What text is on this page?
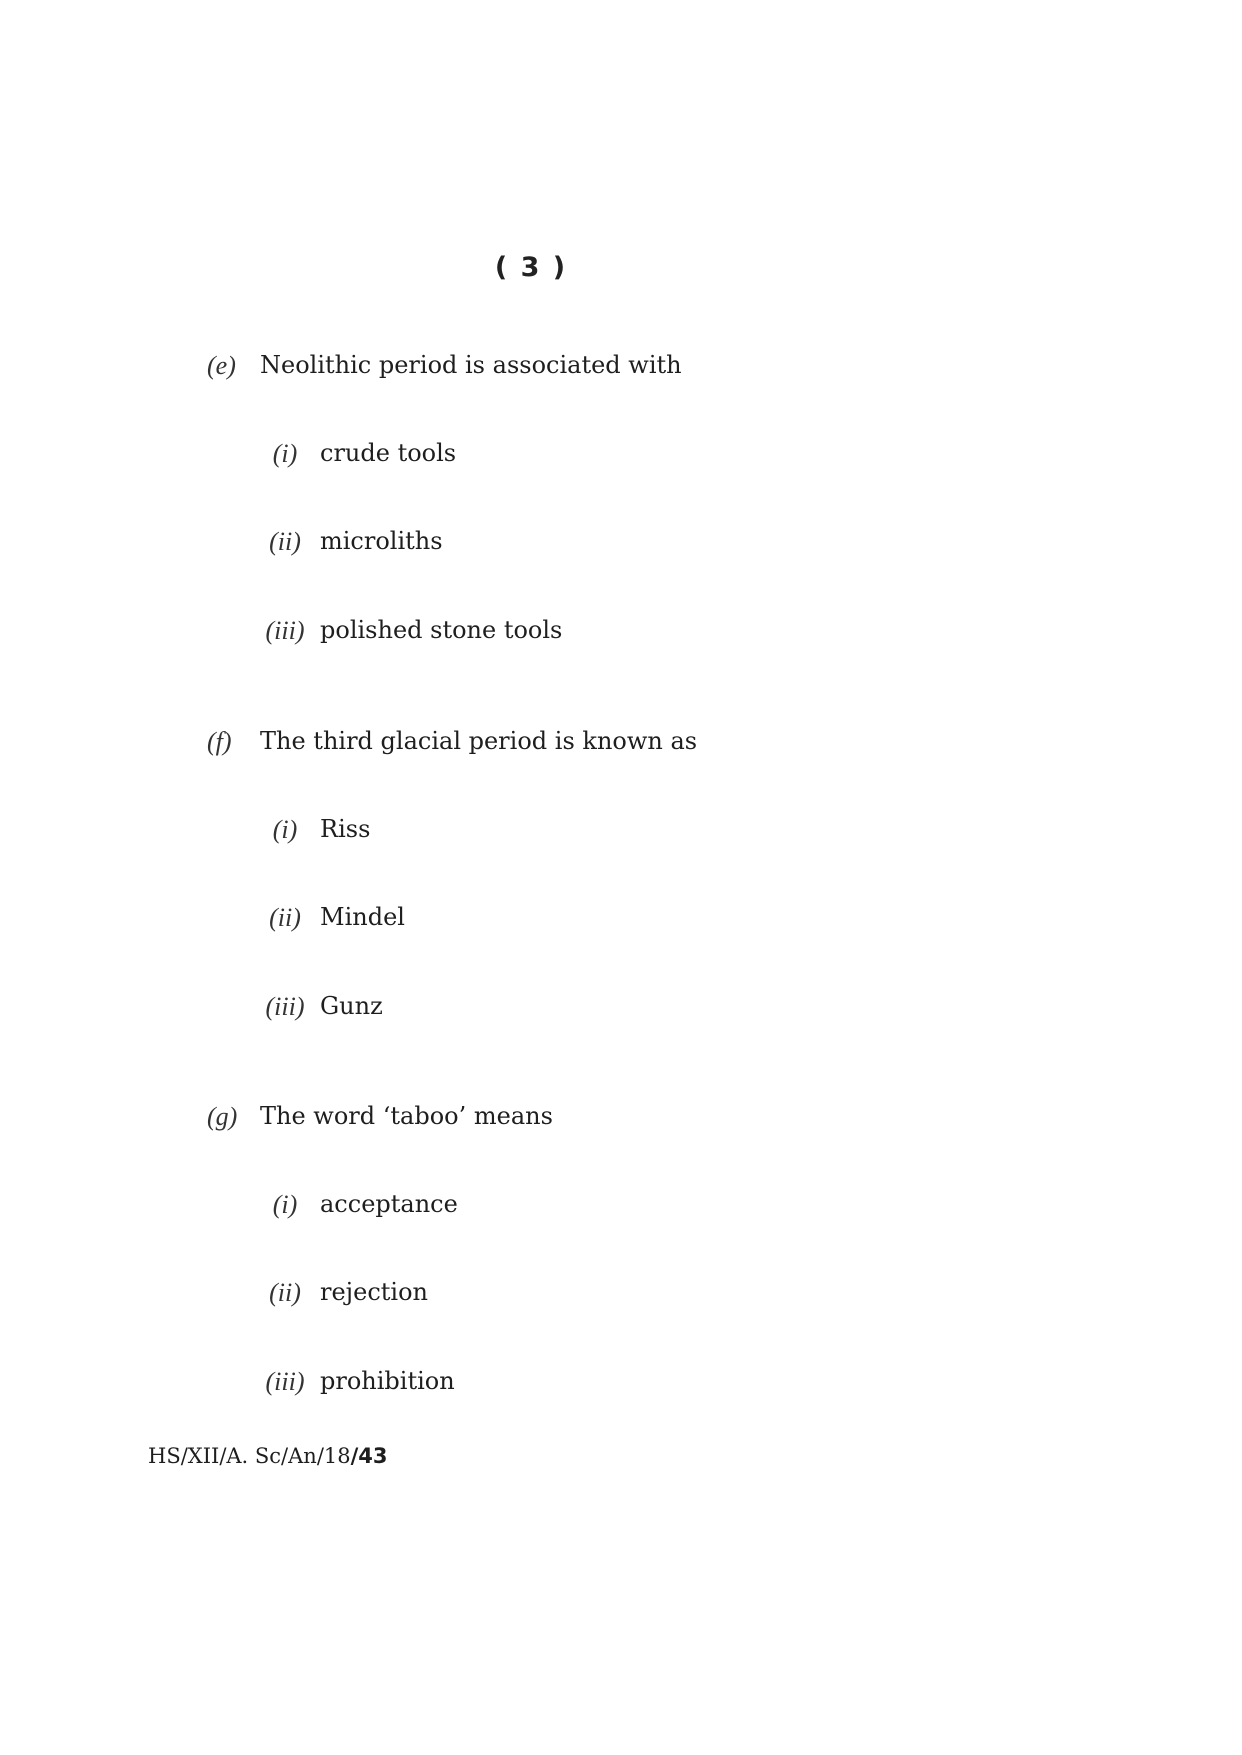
( 3 )
(e) Neolithic period is associated with
(i) crude tools
(ii) microliths
(iii) polished stone tools
(f) The third glacial period is known as
(i) Riss
(ii) Mindel
(iii) Gunz
(g) The word ‘taboo’ means
(i) acceptance
(ii) rejection
(iii) prohibition
HS/XII/A. Sc/An/18/43
